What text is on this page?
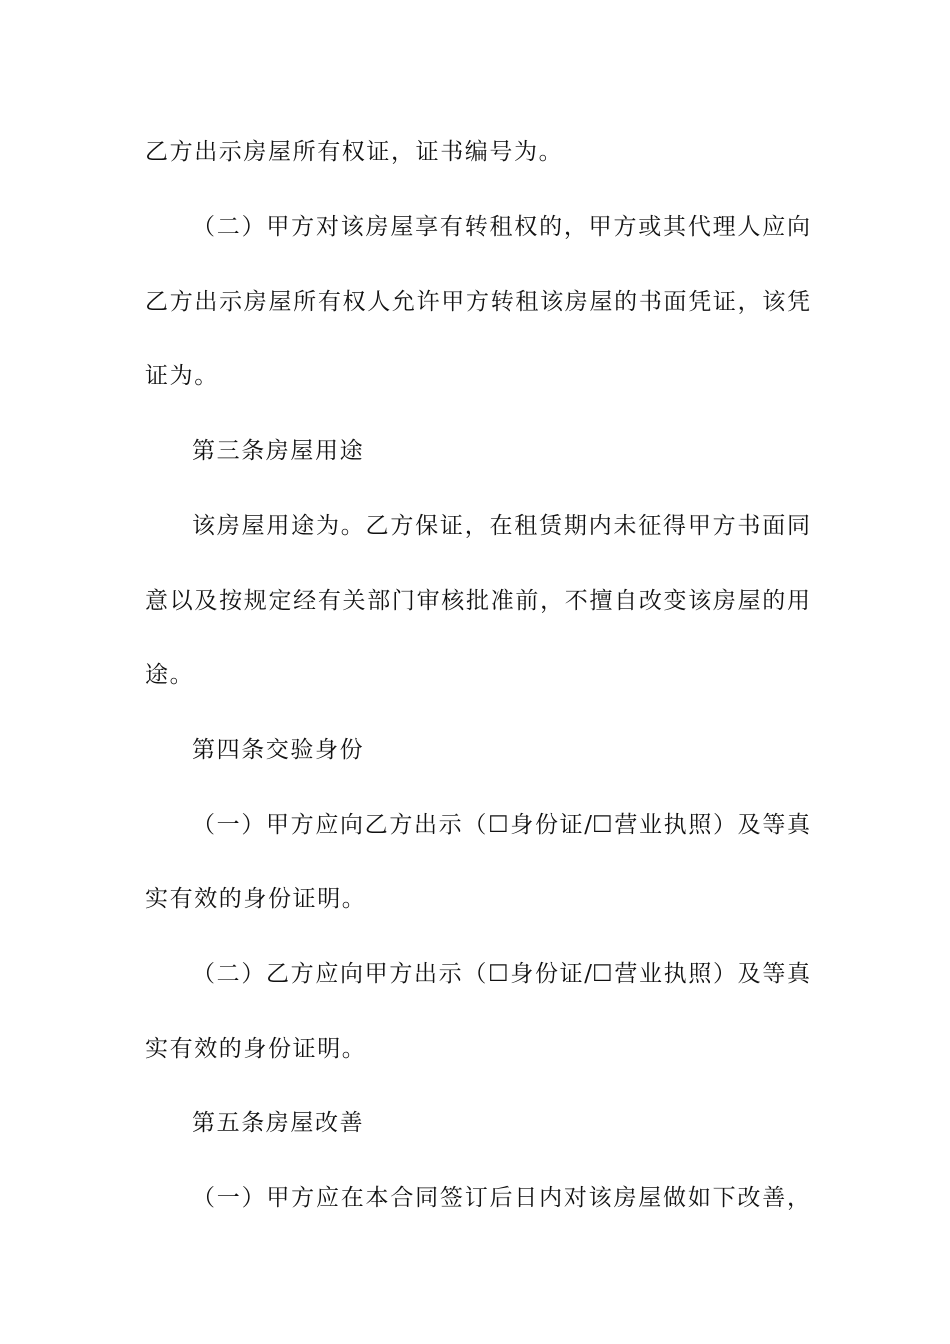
乙方出示房屋所有权证，证书编号为。
（二）甲方对该房屋享有转租权的，甲方或其代理人应向
乙方出示房屋所有权人允许甲方转租该房屋的书面凭证，该凭
证为。
第三条房屋用途
该房屋用途为。乙方保证，在租赁期内未征得甲方书面同
意以及按规定经有关部门审核批准前，不擅自改变该房屋的用
途。
第四条交验身份
（一）甲方应向乙方出示（☐身份证/☐营业执照）及等真
实有效的身份证明。
（二）乙方应向甲方出示（☐身份证/☐营业执照）及等真
实有效的身份证明。
第五条房屋改善
（一）甲方应在本合同签订后日内对该房屋做如下改善，
